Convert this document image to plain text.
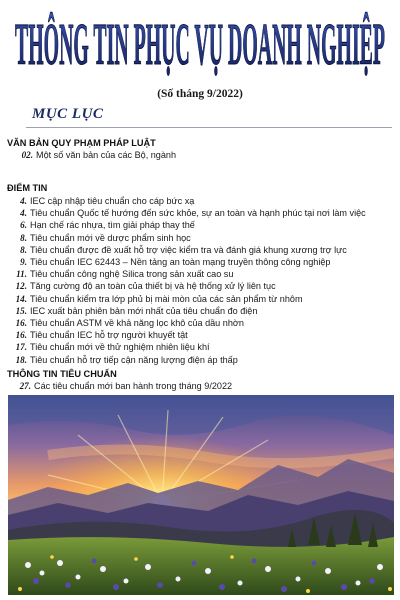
THÔNG TIN PHỤC VỤ DOANH NGHIỆP
(Số tháng 9/2022)
MỤC LỤC
VĂN BẢN QUY PHẠM PHÁP LUẬT
02. Một số văn bản của các Bộ, ngành
ĐIỂM TIN
4. IEC cập nhập tiêu chuẩn cho cáp bức xạ
4. Tiêu chuẩn Quốc tế hướng đến sức khỏe, sự an toàn và hạnh phúc tại nơi làm việc
6. Hạn chế rác nhựa, tìm giải pháp thay thế
8. Tiêu chuẩn mới về dược phẩm sinh học
8. Tiêu chuẩn được đề xuất hỗ trợ việc kiểm tra và đánh giá khung xương trợ lực
9. Tiêu chuẩn IEC 62443 – Nền tảng an toàn mạng truyền thông công nghiệp
11. Tiêu chuẩn công nghệ Silica trong sản xuất cao su
12. Tăng cường độ an toàn của thiết bị và hệ thống xử lý liên tục
14. Tiêu chuẩn kiểm tra lớp phủ bị mài mòn của các sản phẩm từ nhôm
15. IEC xuất bản phiên bản mới nhất của tiêu chuẩn đo điện
16. Tiêu chuẩn ASTM về khả năng lọc khô của dầu nhờn
16. Tiêu chuẩn IEC hỗ trợ người khuyết tật
17. Tiêu chuẩn mới về thử nghiệm nhiên liệu khí
18. Tiêu chuẩn hỗ trợ tiếp cận năng lượng điện áp thấp
THÔNG TIN TIÊU CHUẨN
27. Các tiêu chuẩn mới ban hành trong tháng 9/2022
